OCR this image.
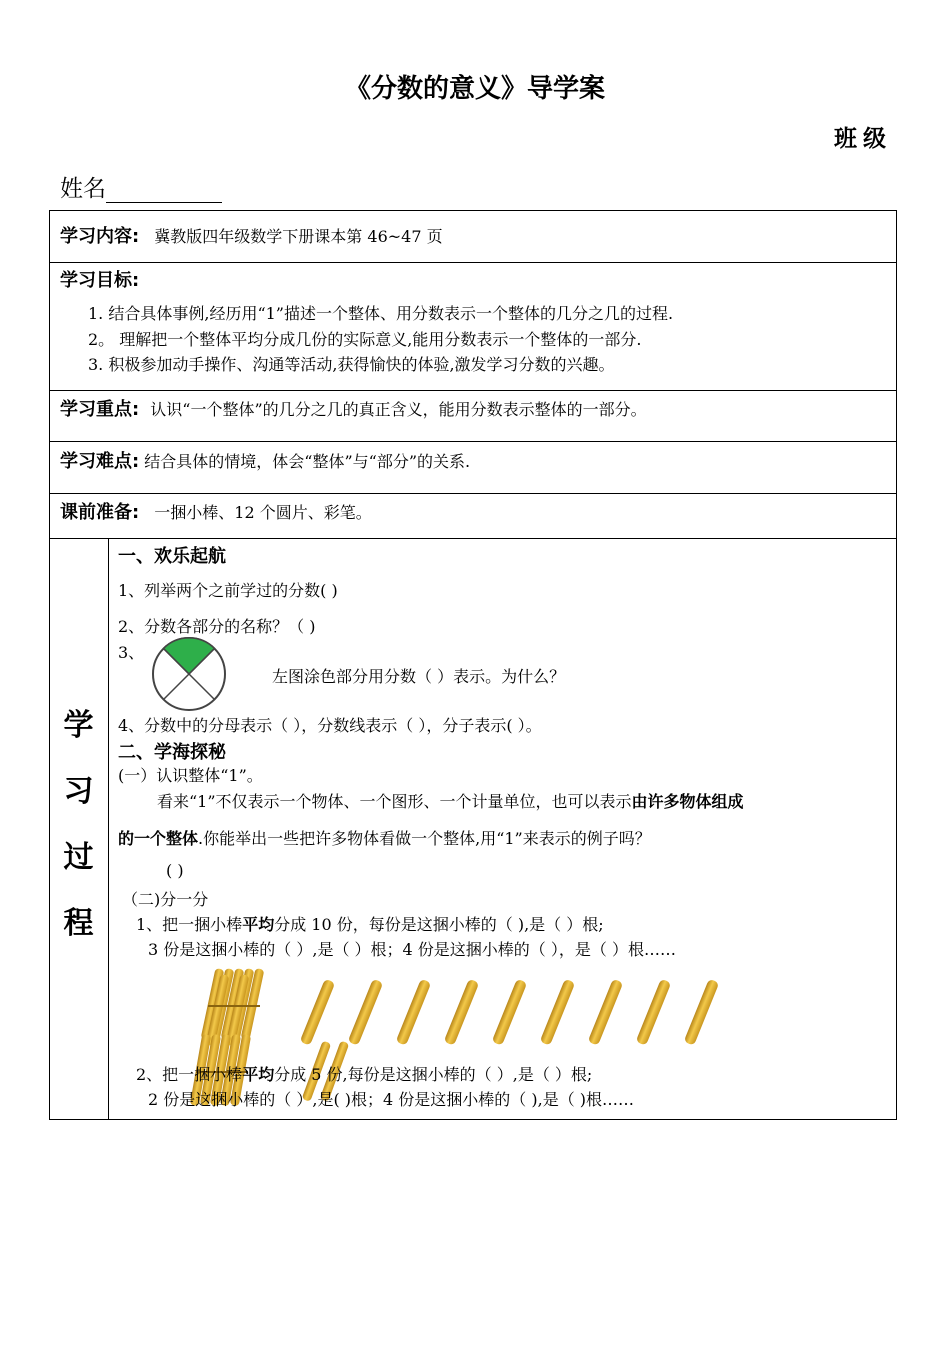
《分数的意义》导学案
班级
姓名
学习内容: 冀教版四年级数学下册课本第 46~47 页
学习目标:
1. 结合具体事例,经历用“1”描述一个整体、用分数表示一个整体的几分之几的过程.
2。 理解把一个整体平均分成几份的实际意义,能用分数表示一个整体的一部分.
3. 积极参加动手操作、沟通等活动,获得愉快的体验,激发学习分数的兴趣。
学习重点: 认识“一个整体”的几分之几的真正含义，能用分数表示整体的一部分。
学习难点: 结合具体的情境，体会“整体”与“部分”的关系.
课前准备: 一捆小棒、12 个圆片、彩笔。
学
习
过
程
一、欢乐起航
1、列举两个之前学过的分数( )
2、分数各部分的名称？（ )
3、
左图涂色部分用分数（ ）表示。为什么？
4、分数中的分母表示（ ），分数线表示（ ），分子表示( ）。
二、学海探秘
(一）认识整体“1”。
看来“1”不仅表示一个物体、一个图形、一个计量单位，也可以表示由许多物体组成
的一个整体.你能举出一些把许多物体看做一个整体,用“1”来表示的例子吗？
( )
（二)分一分
1、把一捆小棒平均分成 10 份，每份是这捆小棒的（ ),是（ ）根;
3 份是这捆小棒的（ ）,是（ ）根；4 份是这捆小棒的（ ），是（ ）根……
2、把一捆小棒平均分成 5 份,每份是这捆小棒的（ ）,是（ ）根;
2 份是这捆小棒的（ ）,是( )根；4 份是这捆小棒的（ ),是（ )根……
